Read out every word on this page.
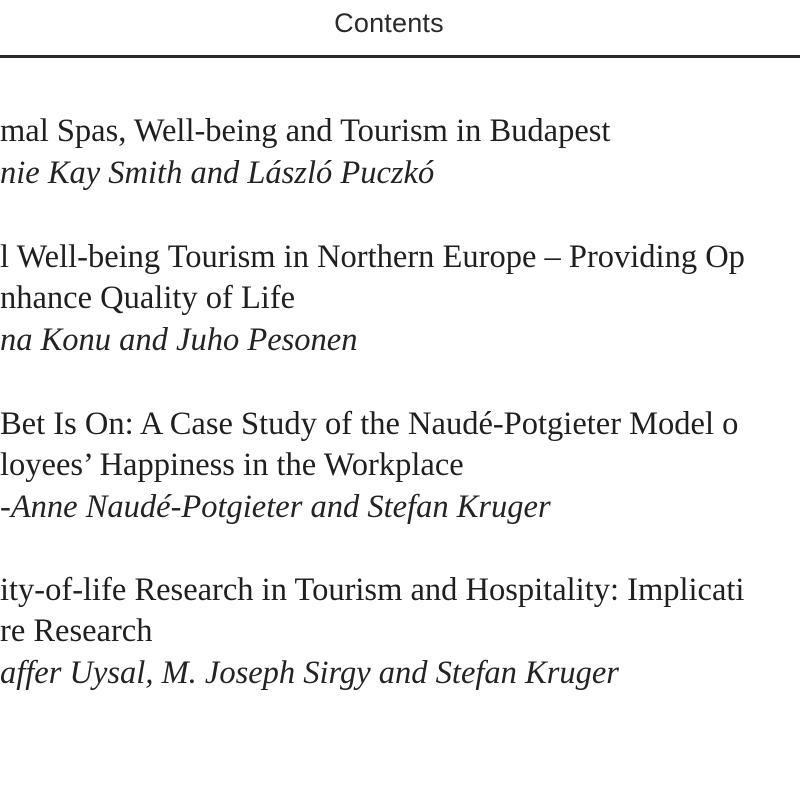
Contents
mal Spas, Well-being and Tourism in Budapest
nie Kay Smith and László Puczkó
l Well-being Tourism in Northern Europe – Providing Op
nhance Quality of Life
na Konu and Juho Pesonen
Bet Is On: A Case Study of the Naudé-Potgieter Model o
loyees’ Happiness in the Workplace
-Anne Naudé-Potgieter and Stefan Kruger
ity-of-life Research in Tourism and Hospitality: Implicati
re Research
affer Uysal, M. Joseph Sirgy and Stefan Kruger
